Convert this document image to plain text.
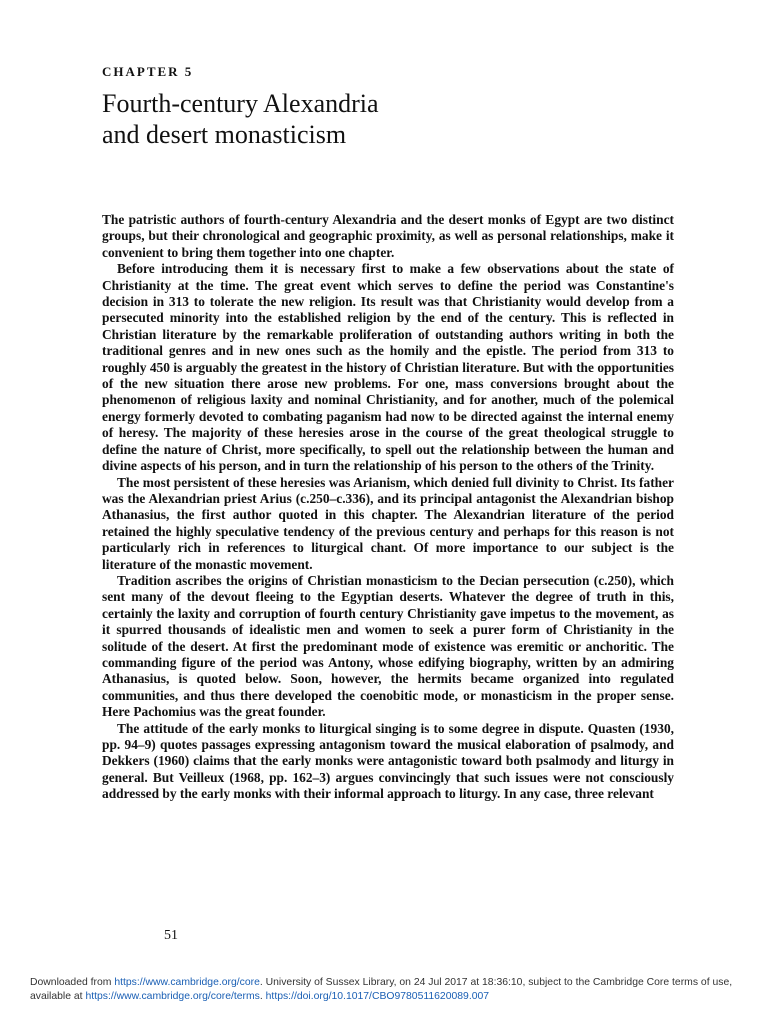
CHAPTER 5
Fourth-century Alexandria
and desert monasticism

The patristic authors of fourth-century Alexandria and the desert monks of Egypt are two distinct groups, but their chronological and geographic proximity, as well as personal relationships, make it convenient to bring them together into one chapter.

Before introducing them it is necessary first to make a few observations about the state of Christianity at the time. The great event which serves to define the period was Constantine's decision in 313 to tolerate the new religion. Its result was that Christianity would develop from a persecuted minority into the established religion by the end of the century. This is reflected in Christian literature by the remarkable proliferation of outstanding authors writing in both the traditional genres and in new ones such as the homily and the epistle. The period from 313 to roughly 450 is arguably the greatest in the history of Christian literature. But with the opportunities of the new situation there arose new problems. For one, mass conversions brought about the phenomenon of religious laxity and nominal Christianity, and for another, much of the polemical energy formerly devoted to combating paganism had now to be directed against the internal enemy of heresy. The majority of these heresies arose in the course of the great theological struggle to define the nature of Christ, more specifically, to spell out the relationship between the human and divine aspects of his person, and in turn the relationship of his person to the others of the Trinity.

The most persistent of these heresies was Arianism, which denied full divinity to Christ. Its father was the Alexandrian priest Arius (c.250–c.336), and its principal antagonist the Alexandrian bishop Athanasius, the first author quoted in this chapter. The Alexandrian literature of the period retained the highly speculative tendency of the previous century and perhaps for this reason is not particularly rich in references to liturgical chant. Of more importance to our subject is the literature of the monastic movement.

Tradition ascribes the origins of Christian monasticism to the Decian persecution (c.250), which sent many of the devout fleeing to the Egyptian deserts. Whatever the degree of truth in this, certainly the laxity and corruption of fourth century Christianity gave impetus to the movement, as it spurred thousands of idealistic men and women to seek a purer form of Christianity in the solitude of the desert. At first the predominant mode of existence was eremitic or anchoritic. The commanding figure of the period was Antony, whose edifying biography, written by an admiring Athanasius, is quoted below. Soon, however, the hermits became organized into regulated communities, and thus there developed the coenobitic mode, or monasticism in the proper sense. Here Pachomius was the great founder.

The attitude of the early monks to liturgical singing is to some degree in dispute. Quasten (1930, pp. 94–9) quotes passages expressing antagonism toward the musical elaboration of psalmody, and Dekkers (1960) claims that the early monks were antagonistic toward both psalmody and liturgy in general. But Veilleux (1968, pp. 162–3) argues convincingly that such issues were not consciously addressed by the early monks with their informal approach to liturgy. In any case, three relevant

51
Downloaded from https://www.cambridge.org/core. University of Sussex Library, on 24 Jul 2017 at 18:36:10, subject to the Cambridge Core terms of use, available at https://www.cambridge.org/core/terms. https://doi.org/10.1017/CBO9780511620089.007
